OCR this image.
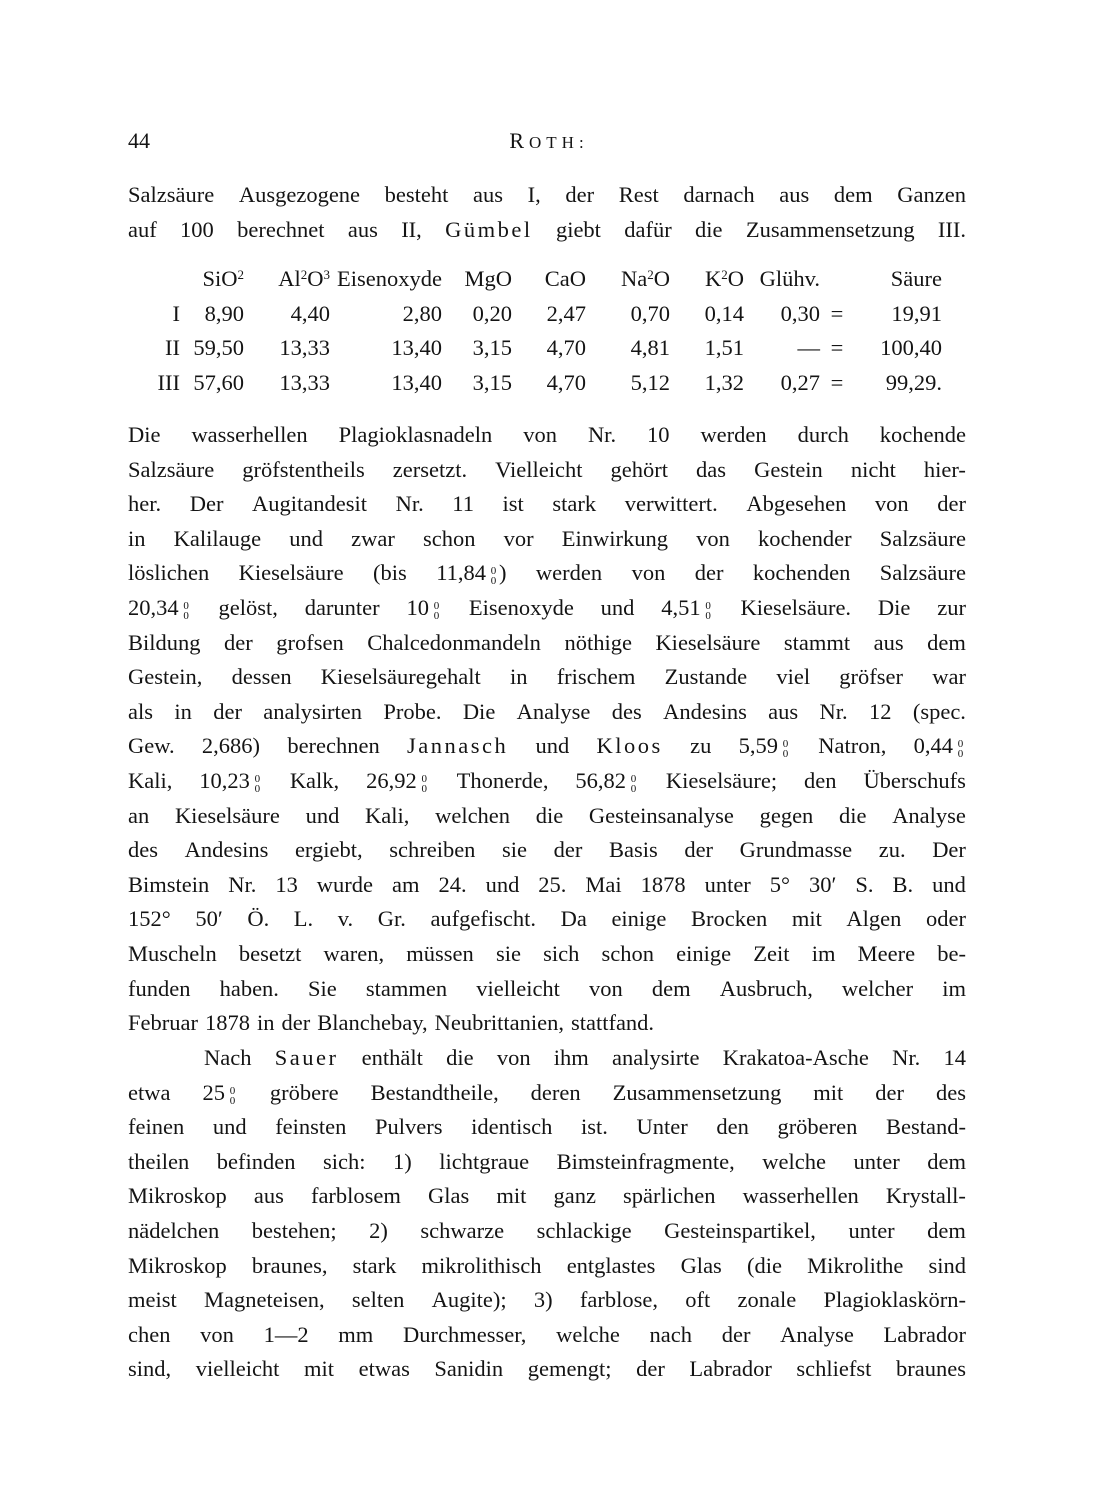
44	ROTH:
Salzsäure Ausgezogene besteht aus I, der Rest darnach aus dem Ganzen
auf 100 berechnet aus II, Gümbel giebt dafür die Zusammensetzung III.
	SiO$^2$	$Al^2O^3$	Eisenoxyde	MgO	CaO	Na$^2$O	$K^2O$	Glühv.		Säure
I	8,90	4,40	2,80	0,20	2,47	0,70	0,14	0,30	=	19,91
II	59,50	13,33	13,40	3,15	4,70	4,81	1,51	—	=	100,40
III	57,60	13,33	13,40	3,15	4,70	5,12	1,32	0,27	=	99,29.
Die wasserhellen Plagioklasnadeln von Nr. 10 werden durch kochende
Salzsäure gröfstentheils zersetzt. Vielleicht gehört das Gestein nicht hier-
her. Der Augitandesit Nr. 11 ist stark verwittert. Abgesehen von der
in Kalilauge und zwar schon vor Einwirkung von kochender Salzsäure
löslichen Kieselsäure (bis 11,84 0
0 ) werden von der kochenden Salzsäure
20,34 0
0 gelöst, darunter 10 0
0 Eisenoxyde und 4,51 0
0 Kieselsäure. Die zur
Bildung der grofsen Chalcedonmandeln nöthige Kieselsäure stammt aus dem
Gestein, dessen Kieselsäuregehalt in frischem Zustande viel gröfser war
als in der analysirten Probe. Die Analyse des Andesins aus Nr. 12 (spec.
Gew. 2,686) berechnen Jannasch und Kloos zu 5,59 0
0 Natron, 0,44 0
0
Kali, 10,23 0
0 Kalk, 26,92 0
0 Thonerde, 56,82 0
0 Kieselsäure; den Überschufs
an Kieselsäure und Kali, welchen die Gesteinsanalyse gegen die Analyse
des Andesins ergiebt, schreiben sie der Basis der Grundmasse zu. Der
Bimstein Nr. 13 wurde am 24. und 25. Mai 1878 unter 5° 30′ S. B. und
152° 50′ Ö. L. v. Gr. aufgefischt. Da einige Brocken mit Algen oder
Muscheln besetzt waren, müssen sie sich schon einige Zeit im Meere be-
funden haben. Sie stammen vielleicht von dem Ausbruch, welcher im
Februar 1878 in der Blanchebay, Neubrittanien, stattfand.
Nach Sauer enthält die von ihm analysirte Krakatoa-Asche Nr. 14
etwa 25 0
0 gröbere Bestandtheile, deren Zusammensetzung mit der des
feinen und feinsten Pulvers identisch ist. Unter den gröberen Bestand-
theilen befinden sich: 1) lichtgraue Bimsteinfragmente, welche unter dem
Mikroskop aus farblosem Glas mit ganz spärlichen wasserhellen Krystall-
nädelchen bestehen; 2) schwarze schlackige Gesteinspartikel, unter dem
Mikroskop braunes, stark mikrolithisch entglastes Glas (die Mikrolithe sind
meist Magneteisen, selten Augite); 3) farblose, oft zonale Plagioklaskörn-
chen von 1—2 mm Durchmesser, welche nach der Analyse Labrador
sind, vielleicht mit etwas Sanidin gemengt; der Labrador schliefst braunes
